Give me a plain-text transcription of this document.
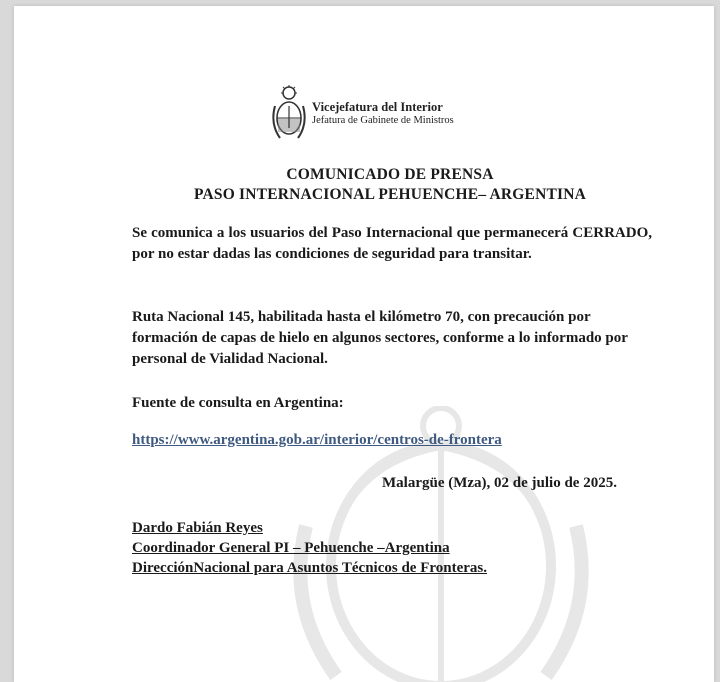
Vicejefatura del Interior
Jefatura de Gabinete de Ministros
COMUNICADO DE PRENSA
PASO INTERNACIONAL PEHUENCHE– ARGENTINA
Se comunica a los usuarios del Paso Internacional que permanecerá CERRADO, por no estar dadas las condiciones de seguridad para transitar.
Ruta Nacional 145, habilitada hasta el kilómetro 70, con precaución por formación de capas de hielo en algunos sectores, conforme a lo informado por personal de Vialidad Nacional.
Fuente de consulta en Argentina:
https://www.argentina.gob.ar/interior/centros-de-frontera
Malargüe (Mza), 02 de julio de 2025.
Dardo Fabián Reyes
Coordinador General PI – Pehuenche –Argentina
DirecciónNacional para Asuntos Técnicos de Fronteras.
